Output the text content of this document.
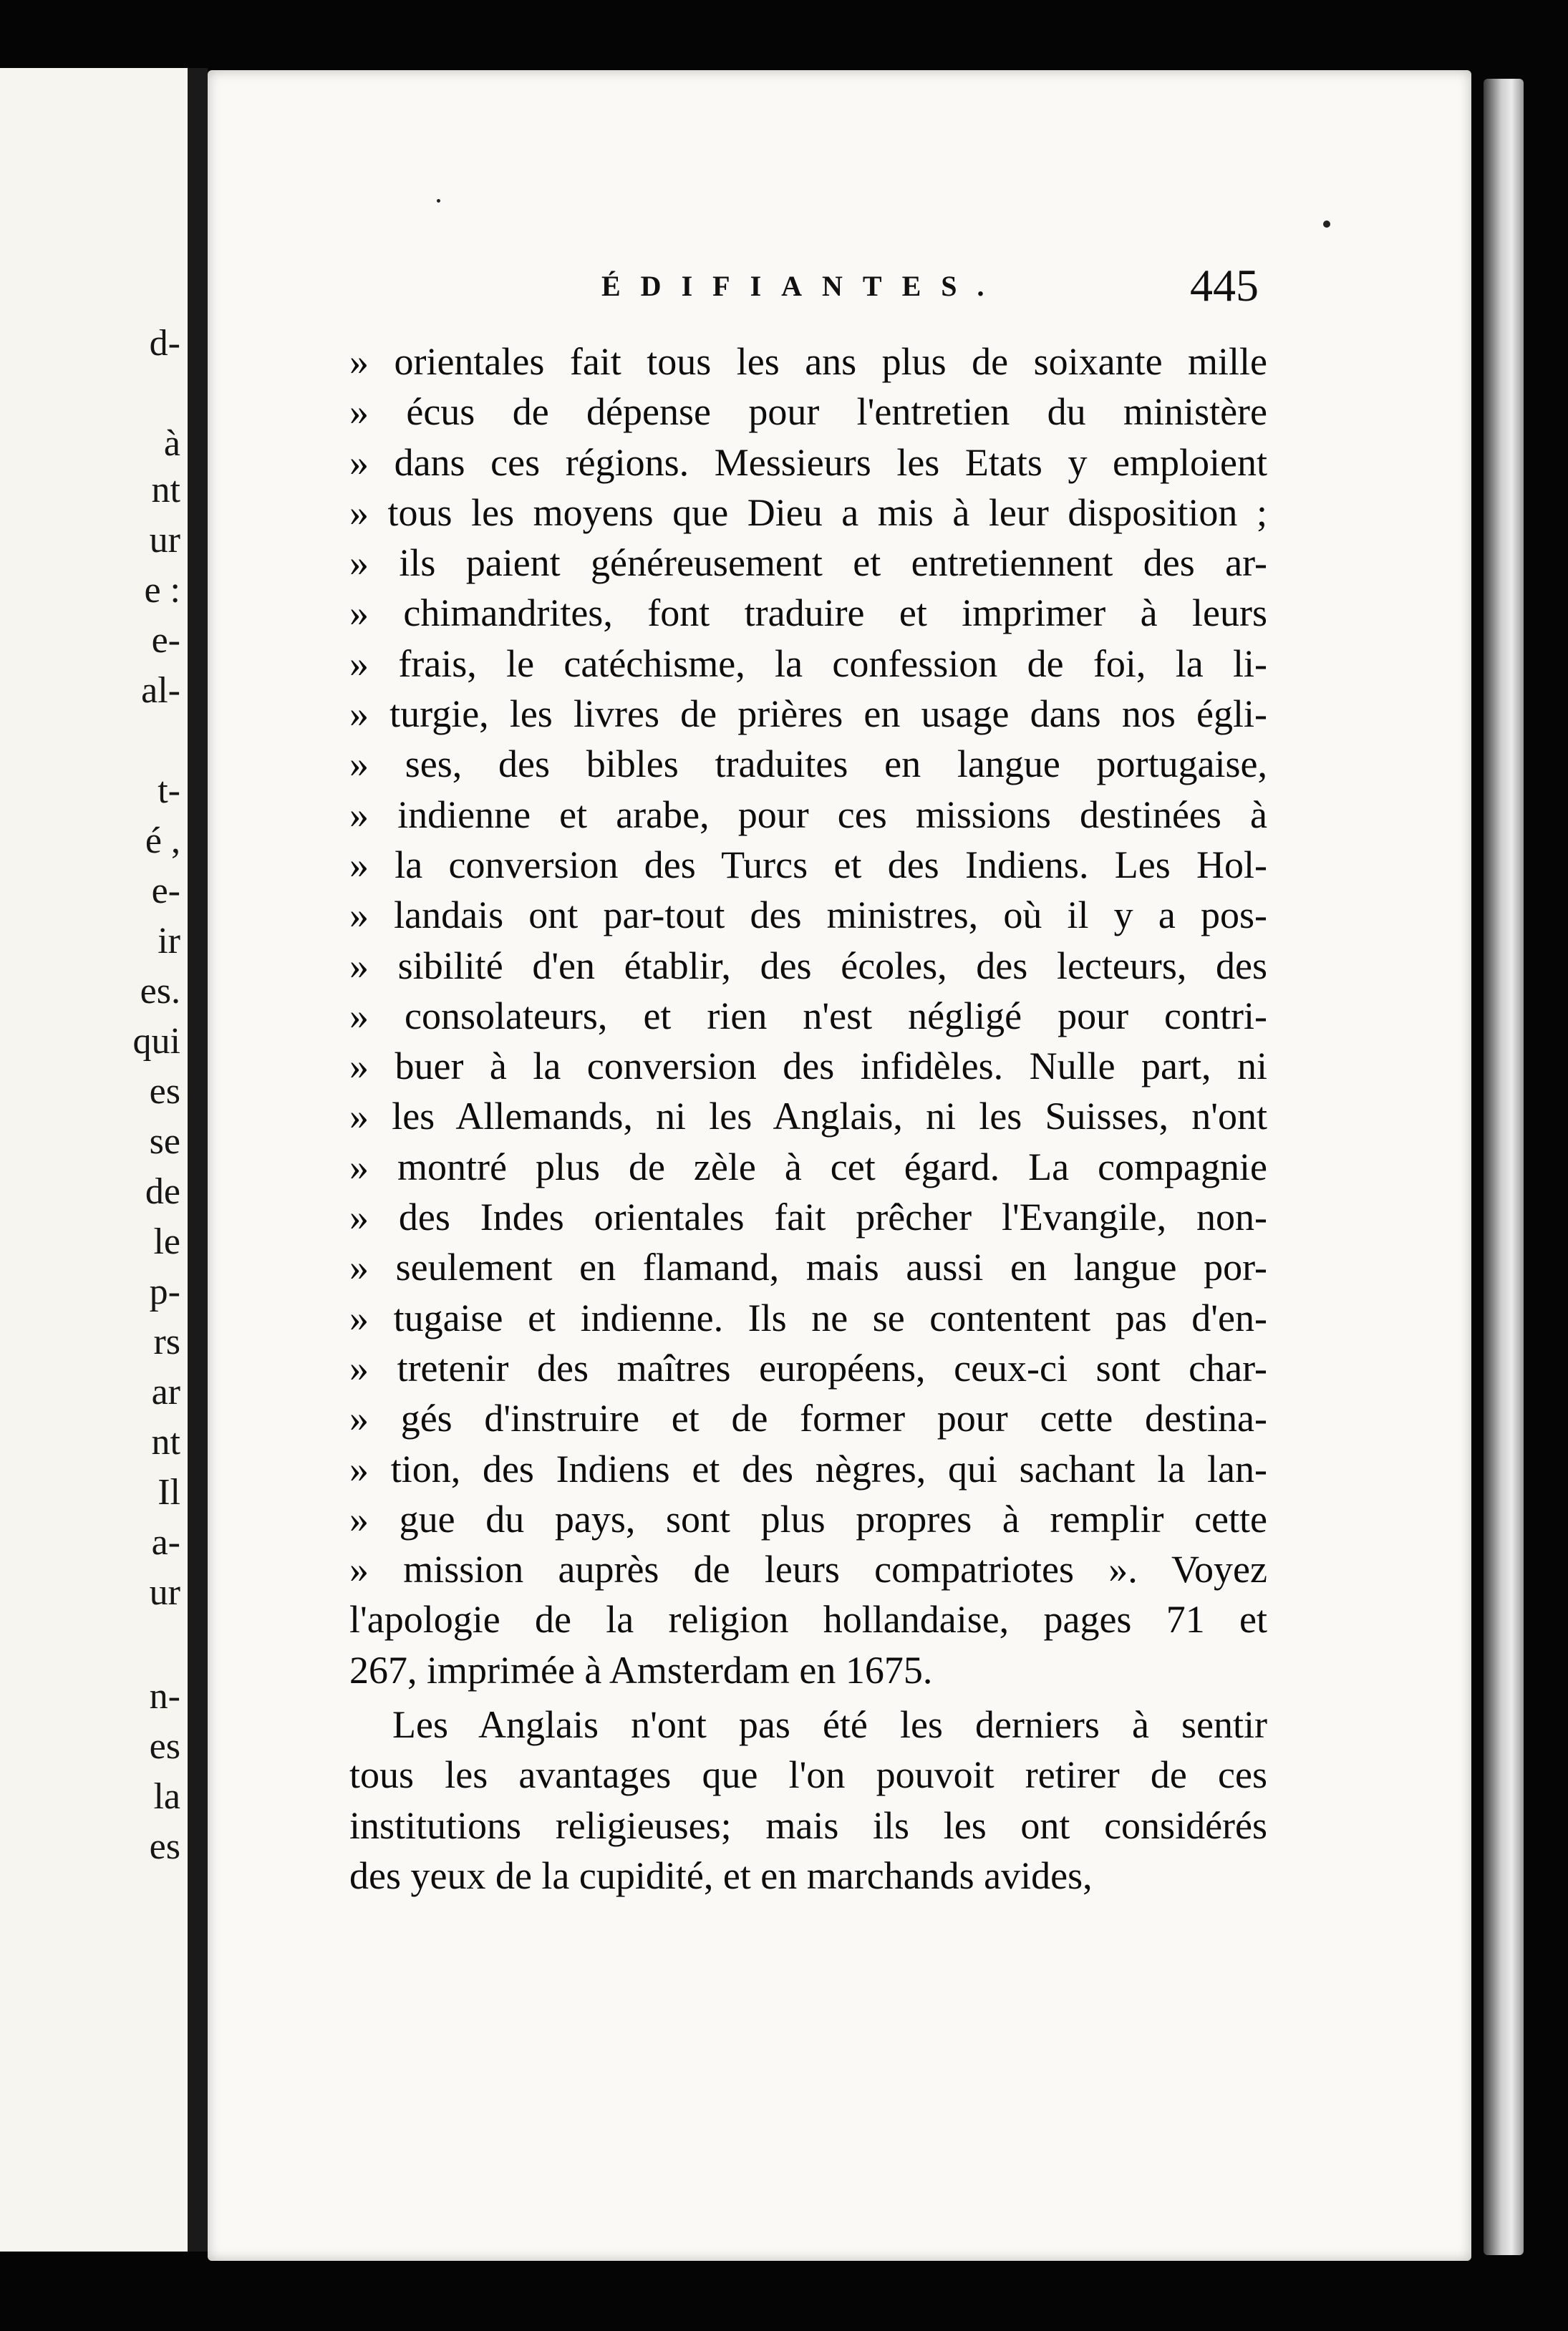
d-
à
nt
ur
e :
e-
al-
t-
é ,
e-
ir
es.
qui
es
se
de
le
p-
rs
ar
nt
Il
a-
ur
n-
es
la
es
ÉDIFIANTES.	445
» orientales fait tous les ans plus de soixante mille
» écus de dépense pour l'entretien du ministère
» dans ces régions. Messieurs les Etats y emploient
» tous les moyens que Dieu a mis à leur disposition ;
» ils paient généreusement et entretiennent des ar-
» chimandrites, font traduire et imprimer à leurs
» frais, le catéchisme, la confession de foi, la li-
» turgie, les livres de prières en usage dans nos égli-
» ses, des bibles traduites en langue portugaise,
» indienne et arabe, pour ces missions destinées à
» la conversion des Turcs et des Indiens. Les Hol-
» landais ont par-tout des ministres, où il y a pos-
» sibilité d'en établir, des écoles, des lecteurs, des
» consolateurs, et rien n'est négligé pour contri-
» buer à la conversion des infidèles. Nulle part, ni
» les Allemands, ni les Anglais, ni les Suisses, n'ont
» montré plus de zèle à cet égard. La compagnie
» des Indes orientales fait prêcher l'Evangile, non-
» seulement en flamand, mais aussi en langue por-
» tugaise et indienne. Ils ne se contentent pas d'en-
» tretenir des maîtres européens, ceux-ci sont char-
» gés d'instruire et de former pour cette destina-
» tion, des Indiens et des nègres, qui sachant la lan-
» gue du pays, sont plus propres à remplir cette
» mission auprès de leurs compatriotes ». Voyez
l'apologie de la religion hollandaise, pages 71 et
267, imprimée à Amsterdam en 1675.
Les Anglais n'ont pas été les derniers à sentir
tous les avantages que l'on pouvoit retirer de ces
institutions religieuses; mais ils les ont considérés
des yeux de la cupidité, et en marchands avides,
